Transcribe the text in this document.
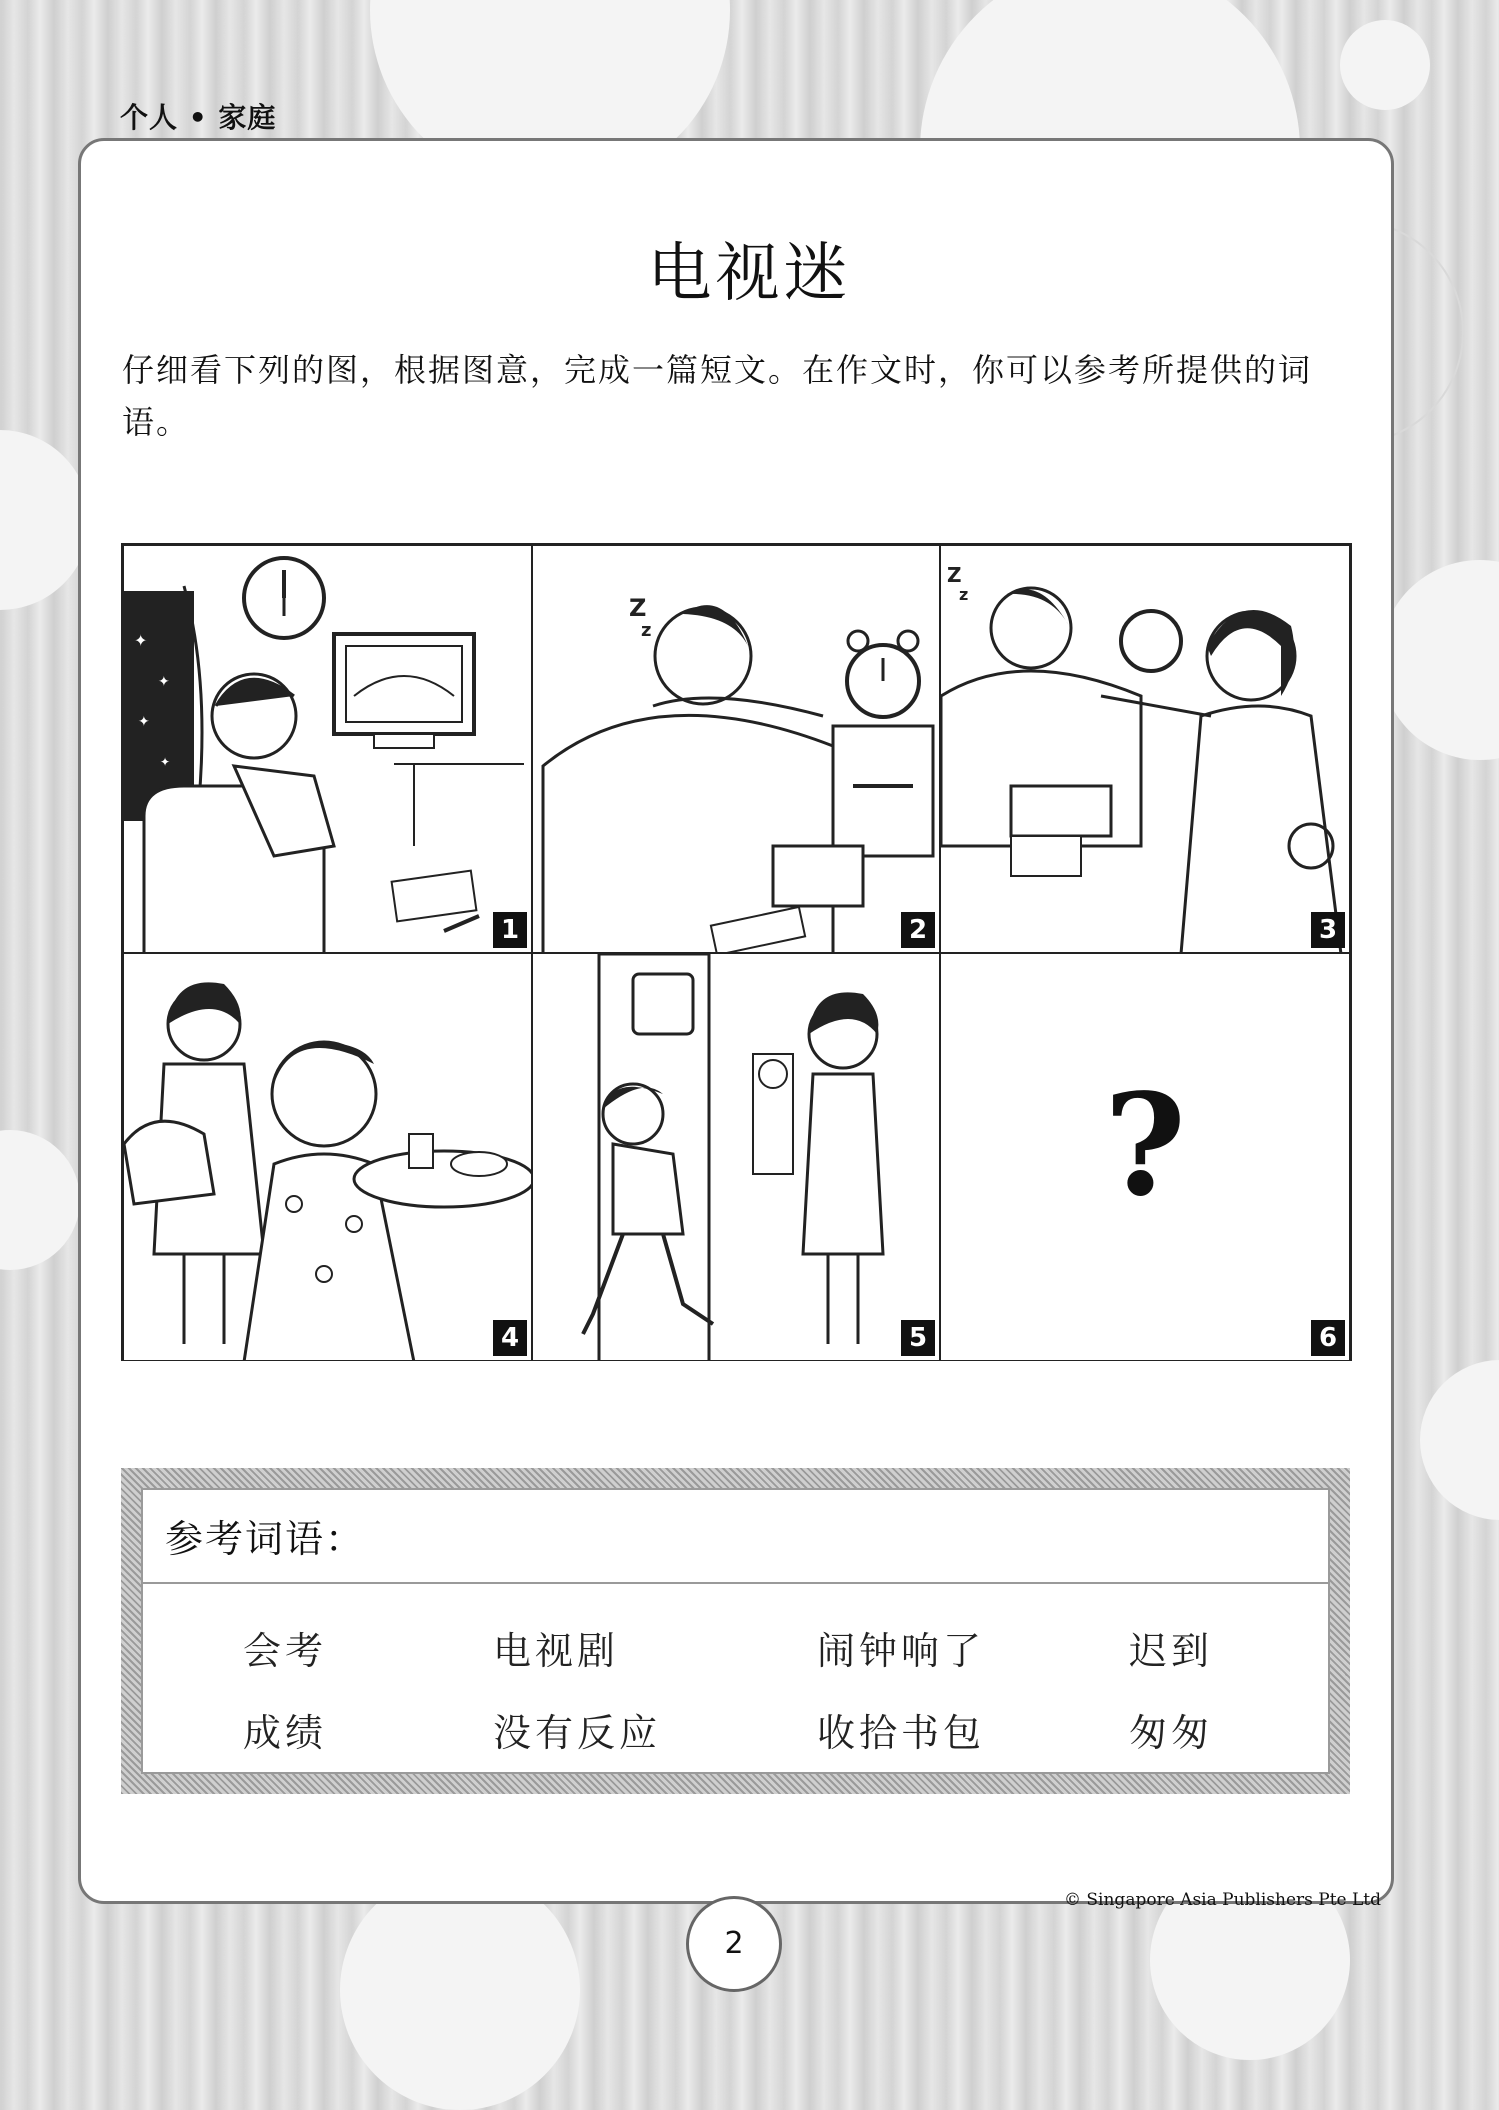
个人 • 家庭
电视迷
仔细看下列的图，根据图意，完成一篇短文。在作文时，你可以参考所提供的词语。
✦
✦
✦
✦
1
Z
z
2
Z
z
3
4	5
?
6
参考词语：
会考	电视剧	闹钟响了	迟到
成绩	没有反应	收拾书包	匆匆
2
© Singapore Asia Publishers Pte Ltd
